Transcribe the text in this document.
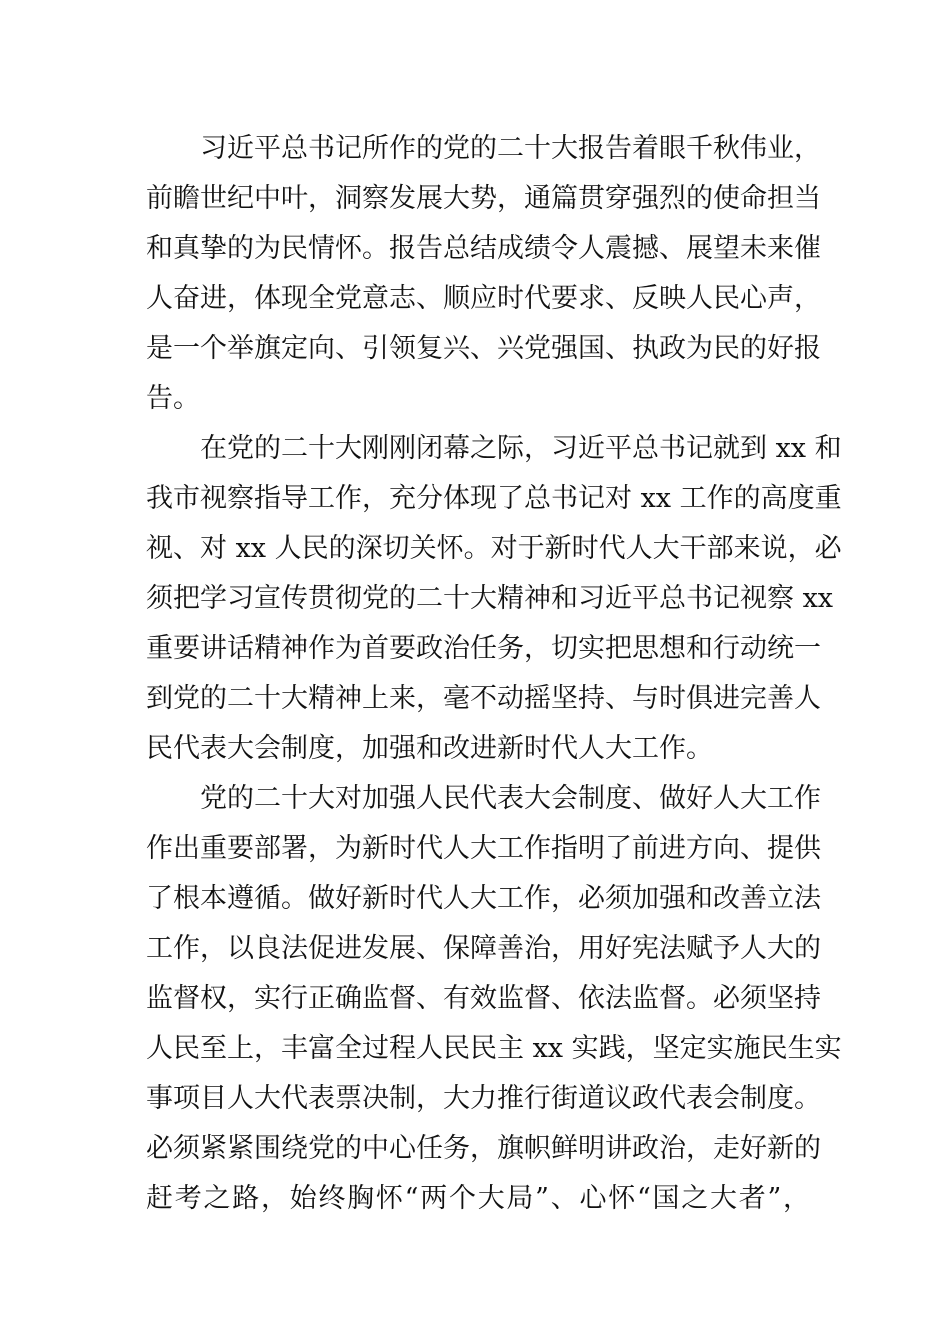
习近平总书记所作的党的二十大报告着眼千秋伟业，
前瞻世纪中叶，洞察发展大势，通篇贯穿强烈的使命担当
和真挚的为民情怀。报告总结成绩令人震撼、展望未来催
人奋进，体现全党意志、顺应时代要求、反映人民心声，
是一个举旗定向、引领复兴、兴党强国、执政为民的好报
告。
在党的二十大刚刚闭幕之际，习近平总书记就到 xx 和
我市视察指导工作，充分体现了总书记对 xx 工作的高度重
视、对 xx 人民的深切关怀。对于新时代人大干部来说，必
须把学习宣传贯彻党的二十大精神和习近平总书记视察 xx
重要讲话精神作为首要政治任务，切实把思想和行动统一
到党的二十大精神上来，毫不动摇坚持、与时俱进完善人
民代表大会制度，加强和改进新时代人大工作。
党的二十大对加强人民代表大会制度、做好人大工作
作出重要部署，为新时代人大工作指明了前进方向、提供
了根本遵循。做好新时代人大工作，必须加强和改善立法
工作，以良法促进发展、保障善治，用好宪法赋予人大的
监督权，实行正确监督、有效监督、依法监督。必须坚持
人民至上，丰富全过程人民民主 xx 实践，坚定实施民生实
事项目人大代表票决制，大力推行街道议政代表会制度。
必须紧紧围绕党的中心任务，旗帜鲜明讲政治，走好新的
赶考之路，始终胸怀“两个大局”、心怀“国之大者”，
